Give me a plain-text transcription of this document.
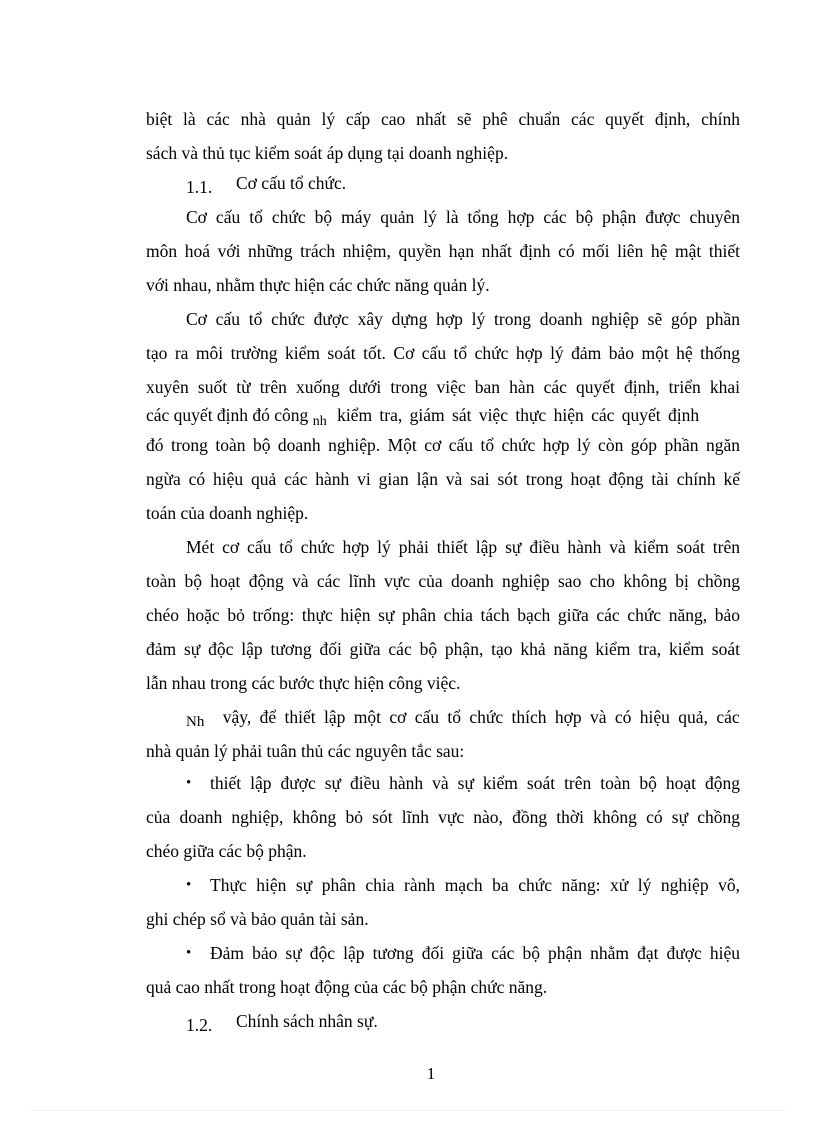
biệt là các nhà quản lý cấp cao nhất sẽ phê chuẩn các quyết định, chính
sách và thủ tục kiểm soát áp dụng tại doanh nghiệp.
1.1. Cơ cấu tổ chức.
Cơ cấu tổ chức bộ máy quản lý là tổng hợp các bộ phận được chuyên
môn hoá với những trách nhiệm, quyền hạn nhất định có mối liên hệ mật thiết
với nhau, nhằm thực hiện các chức năng quản lý.
Cơ cấu tổ chức được xây dựng hợp lý trong doanh nghiệp sẽ góp phần
tạo ra môi trường kiểm soát tốt. Cơ cấu tổ chức hợp lý đảm bảo một hệ thống
xuyên suốt từ trên xuống dưới trong việc ban hàn các quyết định, triển khai
các quyết định đó công $_{nh}$ kiểm tra, giám sát việc thực hiện các quyết định
đó trong toàn bộ doanh nghiệp. Một cơ cấu tổ chức hợp lý còn góp phần ngăn
ngừa có hiệu quả các hành vi gian lận và sai sót trong hoạt động tài chính kế
toán của doanh nghiệp.
Mét cơ cấu tổ chức hợp lý phải thiết lập sự điều hành và kiểm soát trên
toàn bộ hoạt động và các lĩnh vực của doanh nghiệp sao cho không bị chồng
chéo hoặc bỏ trống: thực hiện sự phân chia tách bạch giữa các chức năng, bảo
đảm sự độc lập tương đối giữa các bộ phận, tạo khả năng kiểm tra, kiểm soát
lẫn nhau trong các bước thực hiện công việc.
Nh vậy, để thiết lập một cơ cấu tổ chức thích hợp và có hiệu quả, các
nhà quản lý phải tuân thủ các nguyên tắc sau:
• thiết lập được sự điều hành và sự kiểm soát trên toàn bộ hoạt động
của doanh nghiệp, không bỏ sót lĩnh vực nào, đồng thời không có sự chồng
chéo giữa các bộ phận.
• Thực hiện sự phân chia rành mạch ba chức năng: xử lý nghiệp vô,
ghi chép sổ và bảo quản tài sản.
• Đảm bảo sự độc lập tương đối giữa các bộ phận nhằm đạt được hiệu
quả cao nhất trong hoạt động của các bộ phận chức năng.
1.2. Chính sách nhân sự.
1
